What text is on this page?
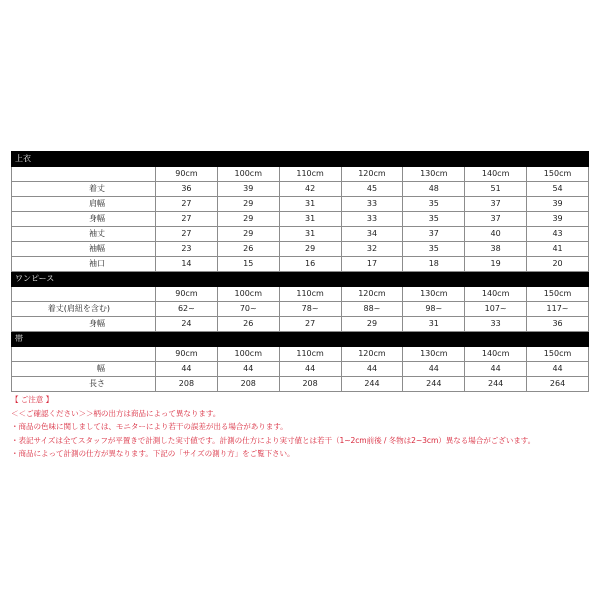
上衣							
	90cm	100cm	110cm	120cm	130cm	140cm	150cm
着丈	36	39	42	45	48	51	54
肩幅	27	29	31	33	35	37	39
身幅	27	29	31	33	35	37	39
袖丈	27	29	31	34	37	40	43
袖幅	23	26	29	32	35	38	41
袖口	14	15	16	17	18	19	20
ワンピース							
	90cm	100cm	110cm	120cm	130cm	140cm	150cm
着丈(肩紐を含む)	62~	70~	78~	88~	98~	107~	117~
身幅	24	26	27	29	31	33	36
帯							
	90cm	100cm	110cm	120cm	130cm	140cm	150cm
幅	44	44	44	44	44	44	44
長さ	208	208	208	244	244	244	264
【 ご注意 】
＜＜ご確認ください＞＞柄の出方は商品によって異なります。
・商品の色味に関しましては、モニターにより若干の誤差が出る場合があります。
・表記サイズは全てスタッフが平置きで計測した実寸値です。計測の仕方により実寸値とは若干（1~2cm前後 / 冬物は2~3cm）異なる場合がございます。
・商品によって計測の仕方が異なります。下記の「サイズの測り方」をご覧下さい。
